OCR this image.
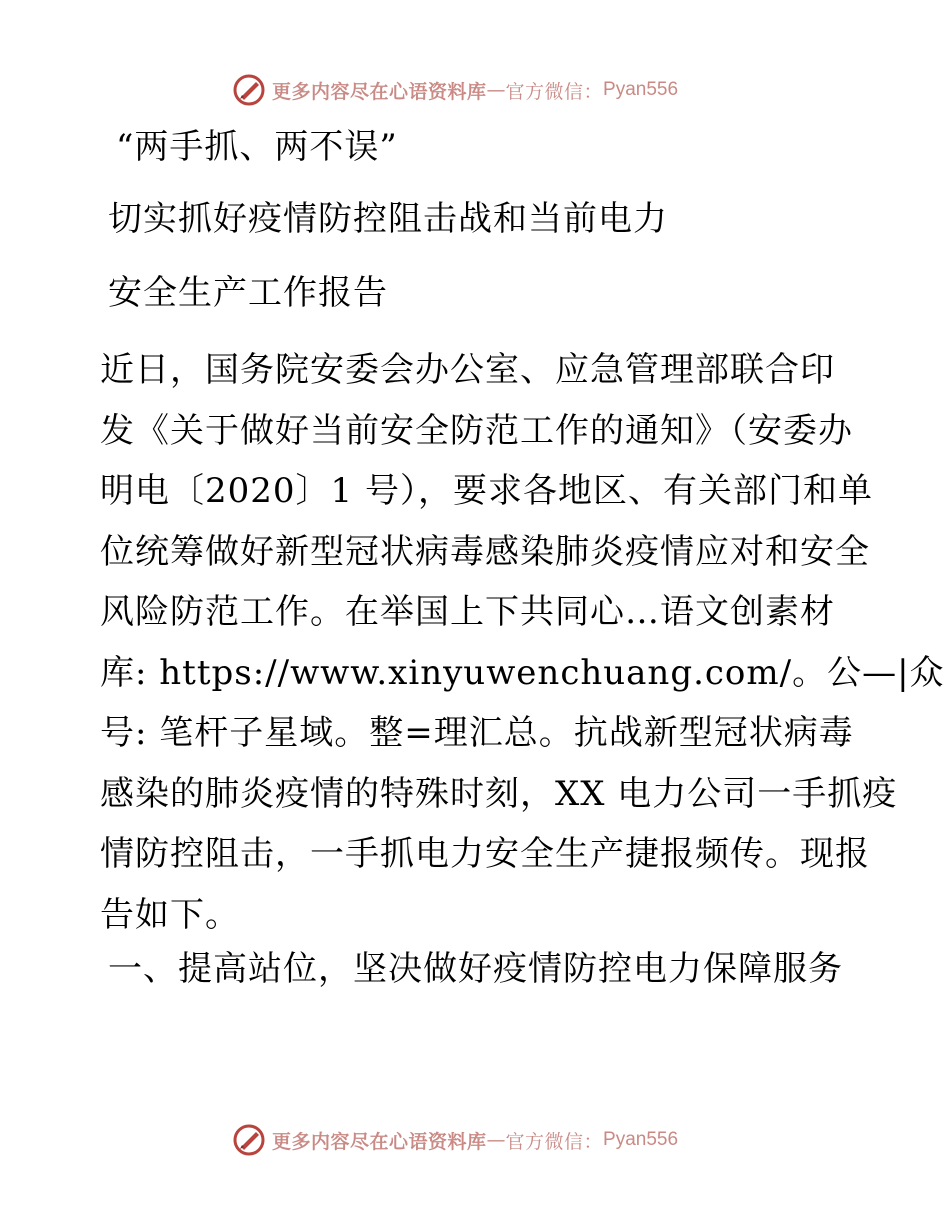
更多内容尽在心语资料库 — 官方微信： Pyan556
“两手抓、两不误”
切实抓好疫情防控阻击战和当前电力
安全生产工作报告
近日，国务院安委会办公室、应急管理部联合印
发《关于做好当前安全防范工作的通知》（安委办
明电〔2020〕1 号），要求各地区、有关部门和单
位统筹做好新型冠状病毒感染肺炎疫情应对和安全
风险防范工作。在举国上下共同心…语文创素材
库: https://www.xinyuwenchuang.com/。公—|众
号: 笔杆子星域。整=理汇总。抗战新型冠状病毒
感染的肺炎疫情的特殊时刻，XX 电力公司一手抓疫
情防控阻击，一手抓电力安全生产捷报频传。现报
告如下。
一、提高站位，坚决做好疫情防控电力保障服务
更多内容尽在心语资料库 — 官方微信： Pyan556
